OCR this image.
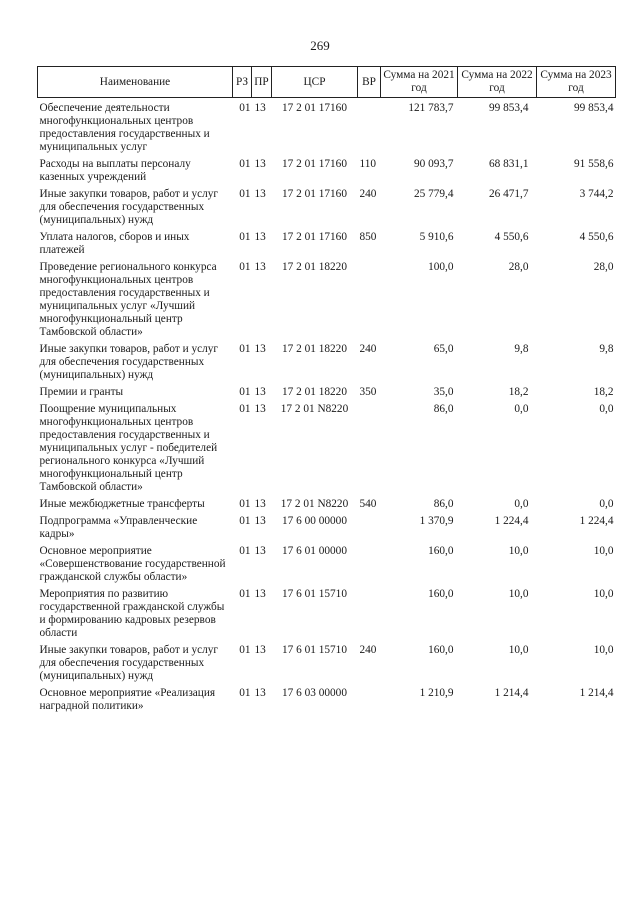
269
Наименование	РЗ	ПР	ЦСР	ВР	Сумма на 2021 год	Сумма на 2022 год	Сумма на 2023 год
Обеспечение деятельности многофункциональных центров предоставления государственных и муниципальных услуг	01	13	17 2 01 17160		121 783,7	99 853,4	99 853,4
Расходы на выплаты персоналу казенных учреждений	01	13	17 2 01 17160	110	90 093,7	68 831,1	91 558,6
Иные закупки товаров, работ и услуг для обеспечения государственных (муниципальных) нужд	01	13	17 2 01 17160	240	25 779,4	26 471,7	3 744,2
Уплата налогов, сборов и иных платежей	01	13	17 2 01 17160	850	5 910,6	4 550,6	4 550,6
Проведение регионального конкурса многофункциональных центров предоставления государственных и муниципальных услуг «Лучший многофункциональный центр Тамбовской области»	01	13	17 2 01 18220		100,0	28,0	28,0
Иные закупки товаров, работ и услуг для обеспечения государственных (муниципальных) нужд	01	13	17 2 01 18220	240	65,0	9,8	9,8
Премии и гранты	01	13	17 2 01 18220	350	35,0	18,2	18,2
Поощрение муниципальных многофункциональных центров предоставления государственных и муниципальных услуг - победителей регионального конкурса «Лучший многофункциональный центр Тамбовской области»	01	13	17 2 01 N8220		86,0	0,0	0,0
Иные межбюджетные трансферты	01	13	17 2 01 N8220	540	86,0	0,0	0,0
Подпрограмма «Управленческие кадры»	01	13	17 6 00 00000		1 370,9	1 224,4	1 224,4
Основное мероприятие «Совершенствование государственной гражданской службы области»	01	13	17 6 01 00000		160,0	10,0	10,0
Мероприятия по развитию государственной гражданской службы и формированию кадровых резервов области	01	13	17 6 01 15710		160,0	10,0	10,0
Иные закупки товаров, работ и услуг для обеспечения государственных (муниципальных) нужд	01	13	17 6 01 15710	240	160,0	10,0	10,0
Основное мероприятие «Реализация наградной политики»	01	13	17 6 03 00000		1 210,9	1 214,4	1 214,4
